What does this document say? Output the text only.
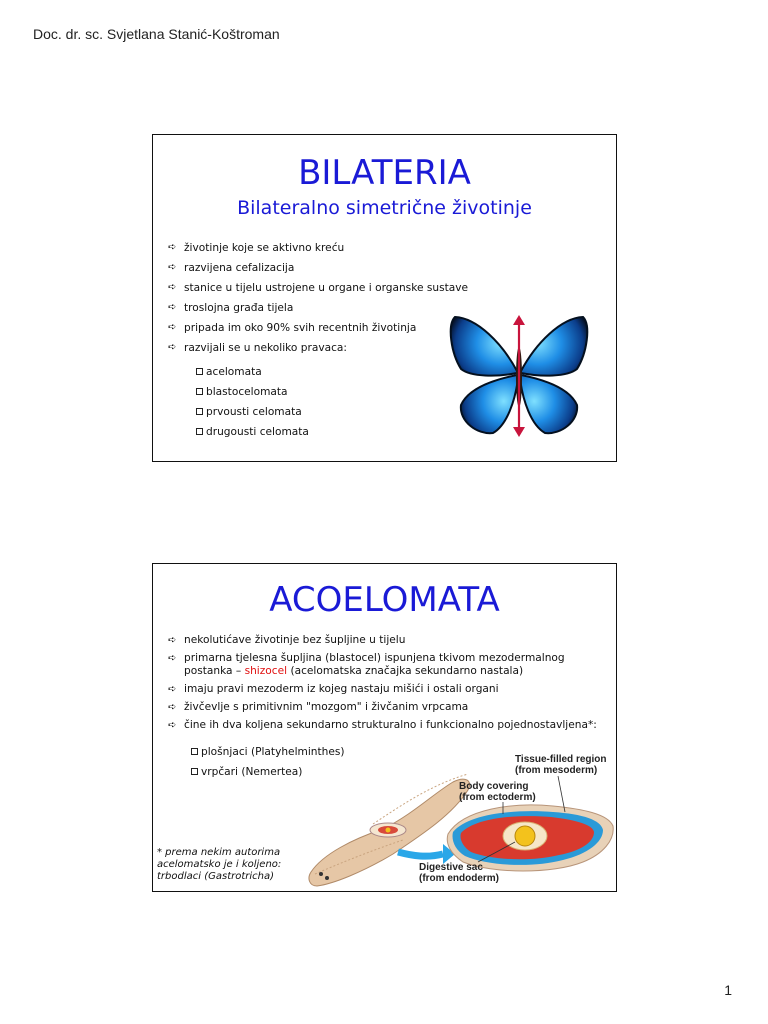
Doc. dr. sc. Svjetlana Stanić-Koštroman
BILATERIA
Bilateralno simetrične životinje
➪ životinje koje se aktivno kreću
➪ razvijena cefalizacija
➪ stanice u tijelu ustrojene u organe i organske sustave
➪ troslojna građa tijela
➪ pripada im oko 90% svih recentnih životinja
➪ razvijali se u nekoliko pravaca:
acelomata
blastocelomata
prvousti celomata
drugousti celomata
ACOELOMATA
➪ nekolutićave životinje bez šupljine u tijelu
➪ primarna tjelesna šupljina (blastocel) ispunjena tkivom mezodermalnog postanka – shizocel (acelomatska značajka sekundarno nastala)
➪ imaju pravi mezoderm iz kojeg nastaju mišići i ostali organi
➪ živčevlje s primitivnim "mozgom" i živčanim vrpcama
➪ čine ih dva koljena sekundarno strukturalno i funkcionalno pojednostavljena*:
plošnjaci (Platyhelminthes)
vrpčari (Nemertea)
* prema nekim autorima acelomatsko je i koljeno: trbodlaci (Gastrotricha)
Tissue-filled region
(from mesoderm)
Body covering
(from ectoderm)
Digestive sac
(from endoderm)
1
